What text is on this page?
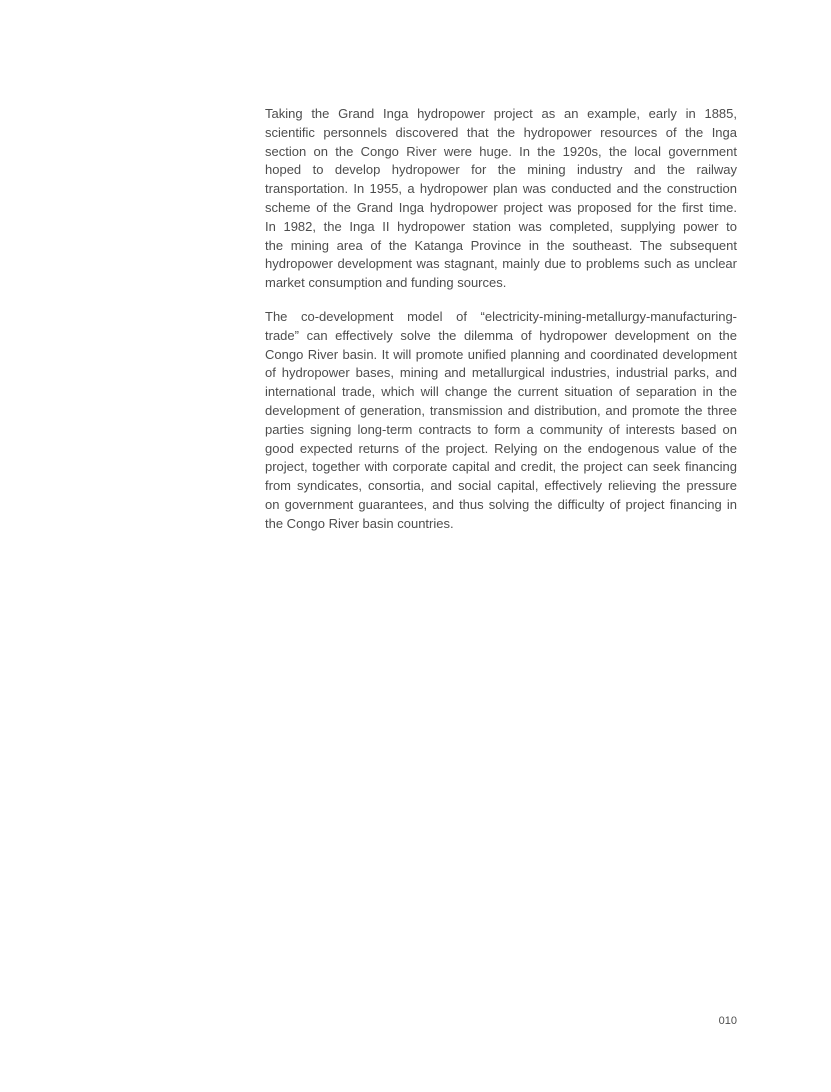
Taking the Grand Inga hydropower project as an example, early in 1885,
scientific personnels discovered that the hydropower resources of the Inga
section on the Congo River were huge. In the 1920s, the local government
hoped to develop hydropower for the mining industry and the railway
transportation. In 1955, a hydropower plan was conducted and the construction
scheme of the Grand Inga hydropower project was proposed for the first time.
In 1982, the Inga II hydropower station was completed, supplying power to
the mining area of the Katanga Province in the southeast. The subsequent
hydropower development was stagnant, mainly due to problems such as unclear
market consumption and funding sources.
The co-development model of “electricity-mining-metallurgy-manufacturing-
trade” can effectively solve the dilemma of hydropower development on the
Congo River basin. It will promote unified planning and coordinated development
of hydropower bases, mining and metallurgical industries, industrial parks, and
international trade, which will change the current situation of separation in the
development of generation, transmission and distribution, and promote the three
parties signing long-term contracts to form a community of interests based on
good expected returns of the project. Relying on the endogenous value of the
project, together with corporate capital and credit, the project can seek financing
from syndicates, consortia, and social capital, effectively relieving the pressure
on government guarantees, and thus solving the difficulty of project financing in
the Congo River basin countries.
010
